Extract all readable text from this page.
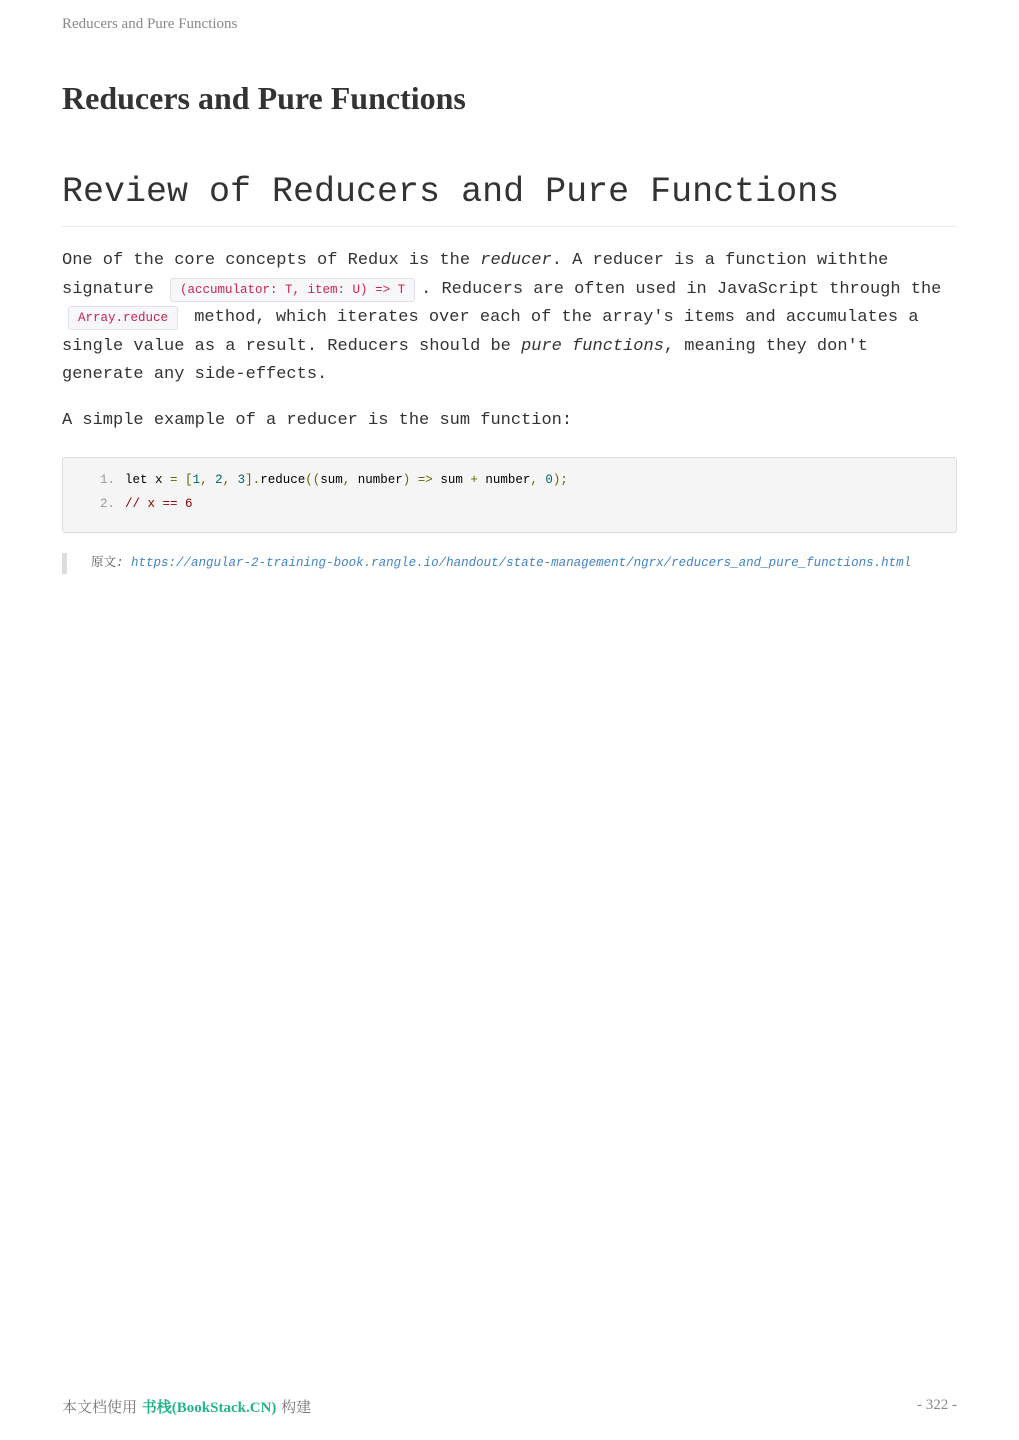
Reducers and Pure Functions
Reducers and Pure Functions
Review of Reducers and Pure Functions

One of the core concepts of Redux is the reducer. A reducer is a function withthe signature (accumulator: T, item: U) => T . Reducers are often used in JavaScript through the Array.reduce method, which iterates over each of the array's items and accumulates a single value as a result. Reducers should be pure functions, meaning they don't generate any side-effects.

A simple example of a reducer is the sum function:

1. let x = [1, 2, 3].reduce((sum, number) => sum + number, 0);
2. // x == 6
原文: https://angular-2-training-book.rangle.io/handout/state-management/ngrx/reducers_and_pure_functions.html
本文档使用 书栈(BookStack.CN) 构建	- 322 -
